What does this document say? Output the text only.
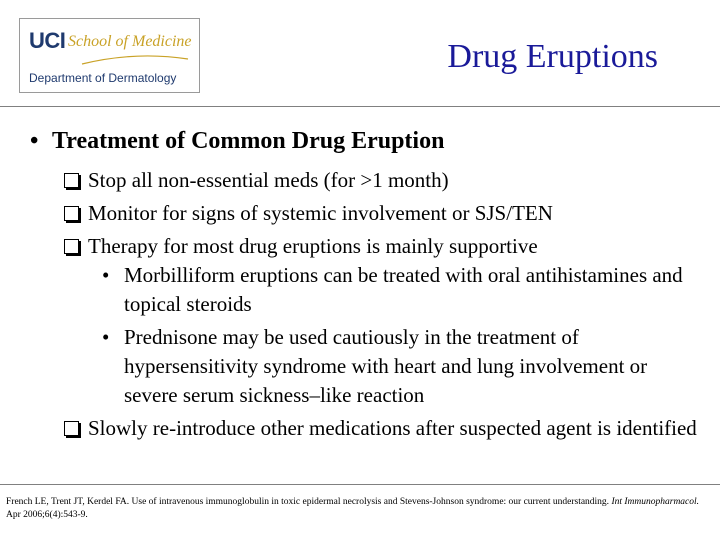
UCI School of Medicine
Department of Dermatology
Drug Eruptions
• Treatment of Common Drug Eruption
Stop all non-essential meds (for >1 month)
Monitor for signs of systemic involvement or SJS/TEN
Therapy for most drug eruptions is mainly supportive
• Morbilliform eruptions can be treated with oral antihistamines and topical steroids
• Prednisone may be used cautiously in the treatment of hypersensitivity syndrome with heart and lung involvement or severe serum sickness–like reaction
Slowly re-introduce other medications after suspected agent is identified
French LE, Trent JT, Kerdel FA. Use of intravenous immunoglobulin in toxic epidermal necrolysis and Stevens-Johnson syndrome: our current understanding. Int Immunopharmacol. Apr 2006;6(4):543-9.
